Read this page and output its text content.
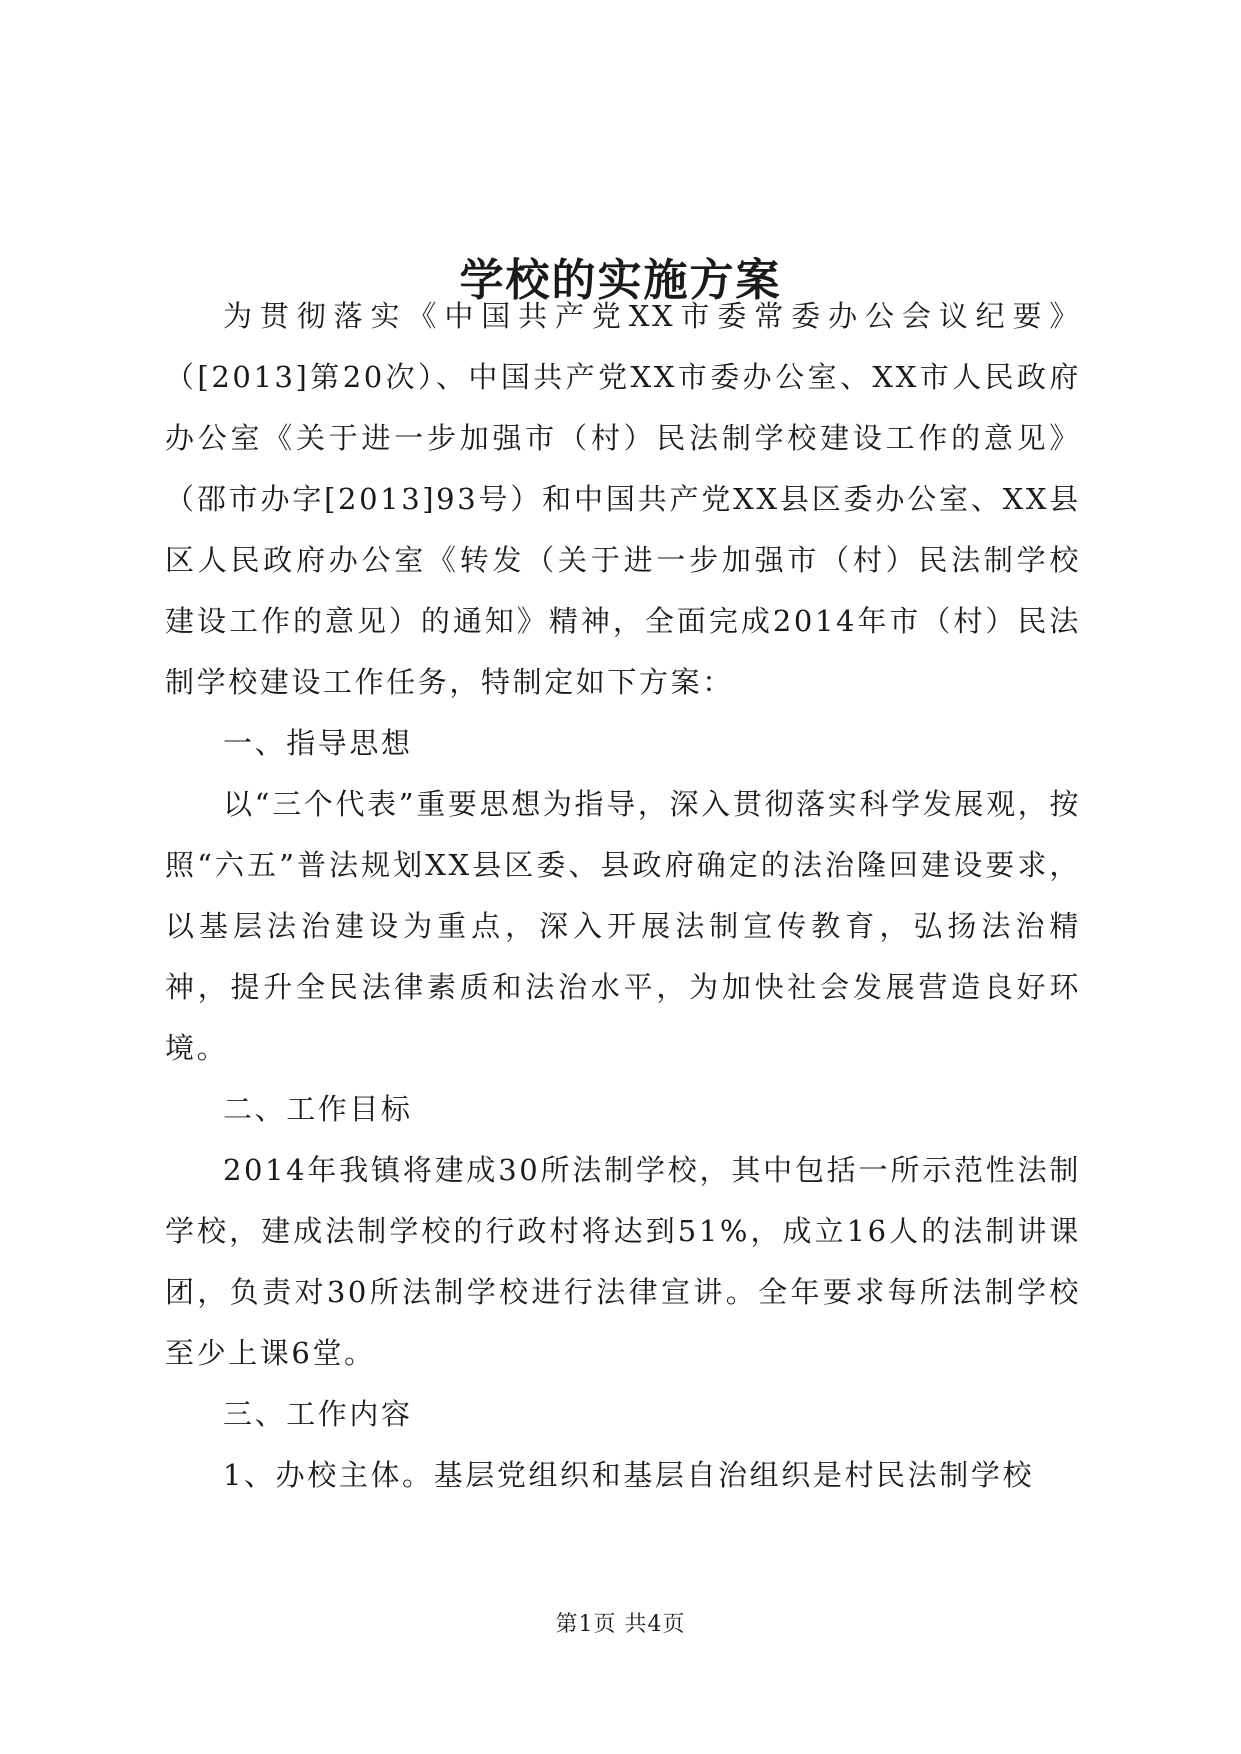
学校的实施方案

为贯彻落实《中国共产党XX市委常委办公会议纪要》（[2013]第20次）、中国共产党XX市委办公室、XX市人民政府办公室《关于进一步加强市（村）民法制学校建设工作的意见》（邵市办字[2013]93号）和中国共产党XX县区委办公室、XX县区人民政府办公室《转发（关于进一步加强市（村）民法制学校建设工作的意见）的通知》精神，全面完成2014年市（村）民法制学校建设工作任务，特制定如下方案：

一、指导思想

以“三个代表”重要思想为指导，深入贯彻落实科学发展观，按照“六五”普法规划XX县区委、县政府确定的法治隆回建设要求，以基层法治建设为重点，深入开展法制宣传教育，弘扬法治精神，提升全民法律素质和法治水平，为加快社会发展营造良好环境。

二、工作目标

2014年我镇将建成30所法制学校，其中包括一所示范性法制学校，建成法制学校的行政村将达到51%，成立16人的法制讲课团，负责对30所法制学校进行法律宣讲。全年要求每所法制学校至少上课6堂。

三、工作内容

1、办校主体。基层党组织和基层自治组织是村民法制学校

第1页 共4页
